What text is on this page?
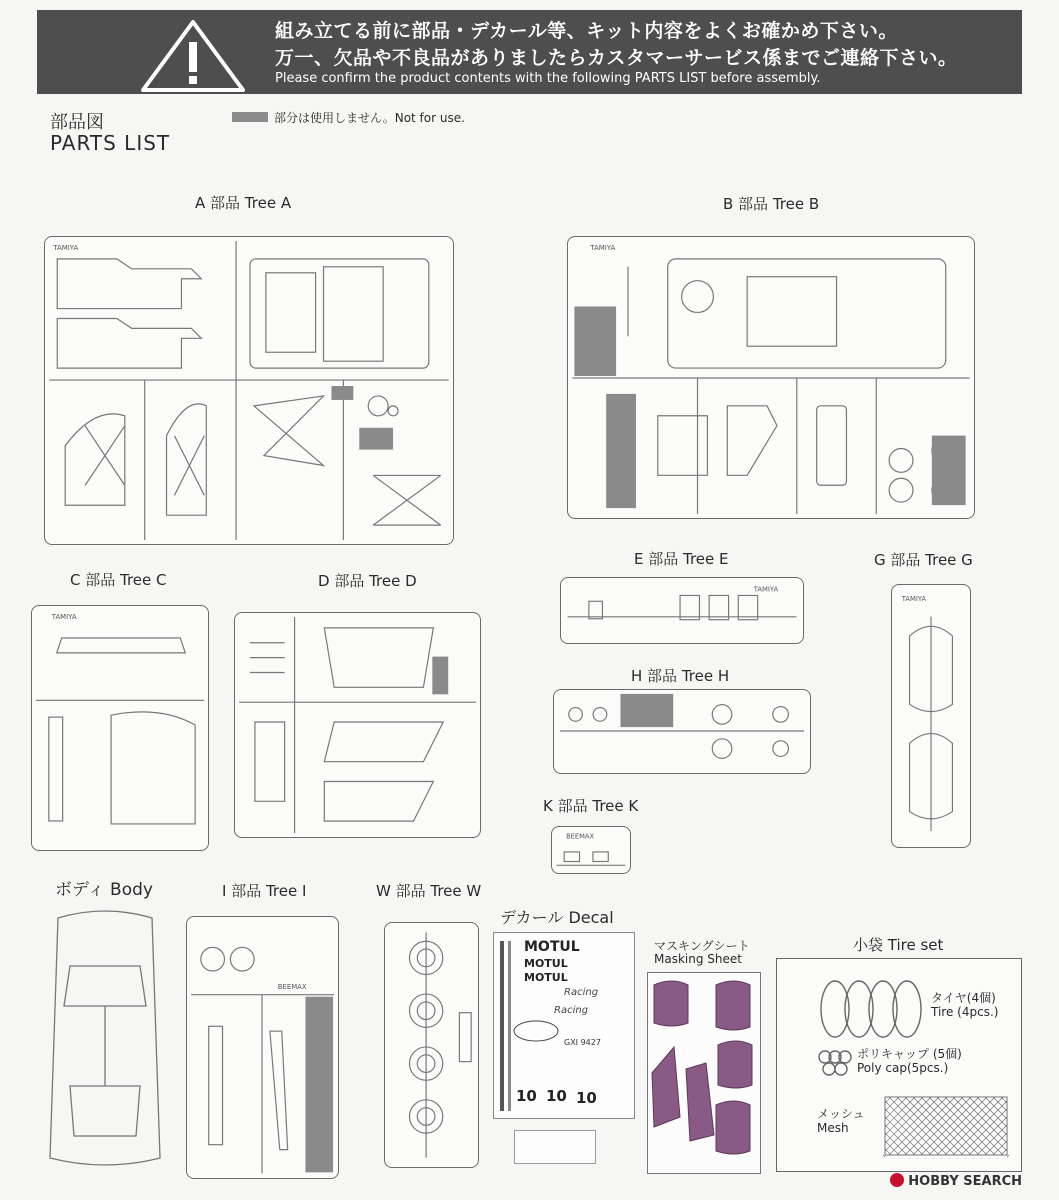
組み立てる前に部品・デカール等、キット内容をよくお確かめ下さい。
万一、欠品や不良品がありましたらカスタマーサービス係までご連絡下さい。
Please confirm the product contents with the following PARTS LIST before assembly.
部品図
PARTS LIST
部分は使用しません。Not for use.
A 部品 Tree A	B 部品 Tree B
C 部品 Tree C	D 部品 Tree D
E 部品 Tree E	G 部品 Tree G
H 部品 Tree H
K 部品 Tree K
ボディ Body	I 部品 Tree I	W 部品 Tree W
デカール Decal
マスキングシート
Masking Sheet
小袋 Tire set
TAMIYA	TAMIYA
TAMIYA
TAMIYA
TAMIYA
BEEMAX
BEEMAX
MOTUL
MOTUL
MOTUL
Racing
Racing
GXI 9427
10 10 10
タイヤ(4個)
Tire (4pcs.)
ポリキャップ (5個)
Poly cap(5pcs.)
メッシュ
Mesh
HOBBY SEARCH
